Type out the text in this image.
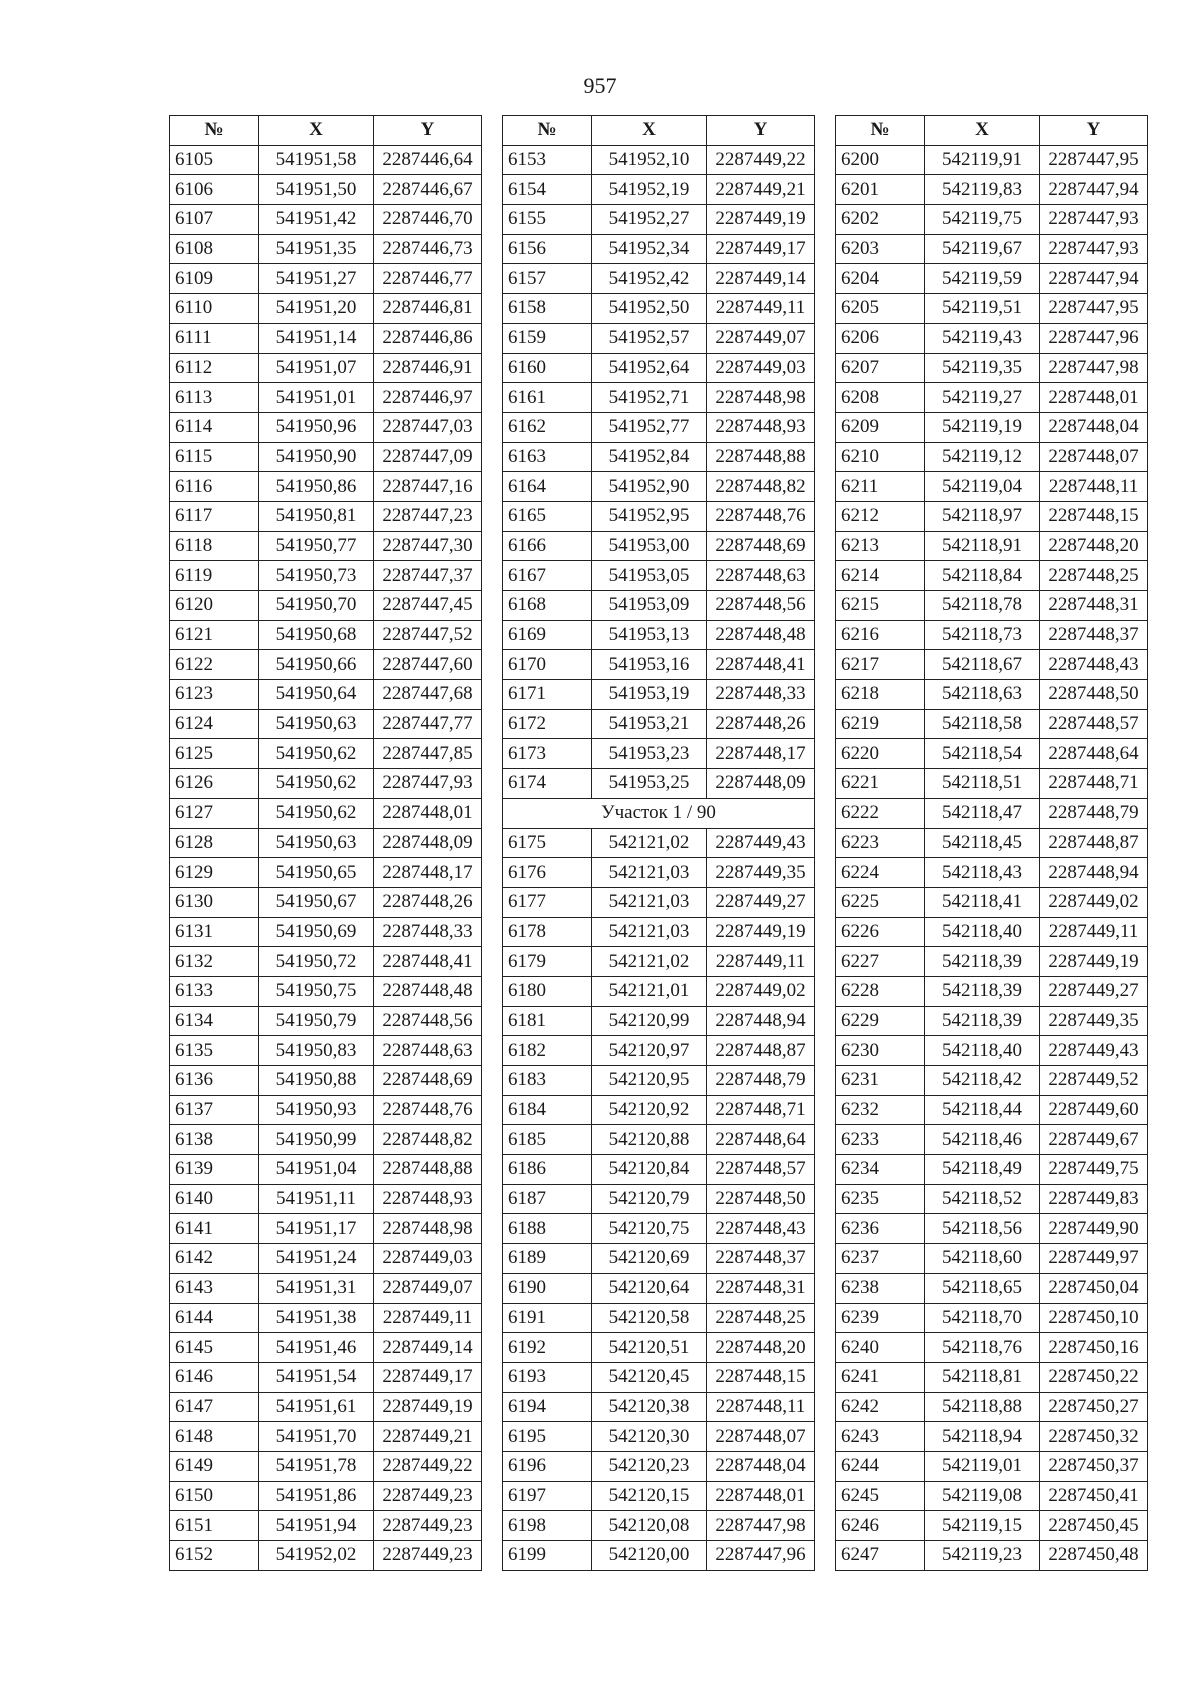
957
№	X	Y
6105	541951,58	2287446,64
6106	541951,50	2287446,67
6107	541951,42	2287446,70
6108	541951,35	2287446,73
6109	541951,27	2287446,77
6110	541951,20	2287446,81
6111	541951,14	2287446,86
6112	541951,07	2287446,91
6113	541951,01	2287446,97
6114	541950,96	2287447,03
6115	541950,90	2287447,09
6116	541950,86	2287447,16
6117	541950,81	2287447,23
6118	541950,77	2287447,30
6119	541950,73	2287447,37
6120	541950,70	2287447,45
6121	541950,68	2287447,52
6122	541950,66	2287447,60
6123	541950,64	2287447,68
6124	541950,63	2287447,77
6125	541950,62	2287447,85
6126	541950,62	2287447,93
6127	541950,62	2287448,01
6128	541950,63	2287448,09
6129	541950,65	2287448,17
6130	541950,67	2287448,26
6131	541950,69	2287448,33
6132	541950,72	2287448,41
6133	541950,75	2287448,48
6134	541950,79	2287448,56
6135	541950,83	2287448,63
6136	541950,88	2287448,69
6137	541950,93	2287448,76
6138	541950,99	2287448,82
6139	541951,04	2287448,88
6140	541951,11	2287448,93
6141	541951,17	2287448,98
6142	541951,24	2287449,03
6143	541951,31	2287449,07
6144	541951,38	2287449,11
6145	541951,46	2287449,14
6146	541951,54	2287449,17
6147	541951,61	2287449,19
6148	541951,70	2287449,21
6149	541951,78	2287449,22
6150	541951,86	2287449,23
6151	541951,94	2287449,23
6152	541952,02	2287449,23
№	X	Y
6153	541952,10	2287449,22
6154	541952,19	2287449,21
6155	541952,27	2287449,19
6156	541952,34	2287449,17
6157	541952,42	2287449,14
6158	541952,50	2287449,11
6159	541952,57	2287449,07
6160	541952,64	2287449,03
6161	541952,71	2287448,98
6162	541952,77	2287448,93
6163	541952,84	2287448,88
6164	541952,90	2287448,82
6165	541952,95	2287448,76
6166	541953,00	2287448,69
6167	541953,05	2287448,63
6168	541953,09	2287448,56
6169	541953,13	2287448,48
6170	541953,16	2287448,41
6171	541953,19	2287448,33
6172	541953,21	2287448,26
6173	541953,23	2287448,17
6174	541953,25	2287448,09
Участок 1 / 90		
6175	542121,02	2287449,43
6176	542121,03	2287449,35
6177	542121,03	2287449,27
6178	542121,03	2287449,19
6179	542121,02	2287449,11
6180	542121,01	2287449,02
6181	542120,99	2287448,94
6182	542120,97	2287448,87
6183	542120,95	2287448,79
6184	542120,92	2287448,71
6185	542120,88	2287448,64
6186	542120,84	2287448,57
6187	542120,79	2287448,50
6188	542120,75	2287448,43
6189	542120,69	2287448,37
6190	542120,64	2287448,31
6191	542120,58	2287448,25
6192	542120,51	2287448,20
6193	542120,45	2287448,15
6194	542120,38	2287448,11
6195	542120,30	2287448,07
6196	542120,23	2287448,04
6197	542120,15	2287448,01
6198	542120,08	2287447,98
6199	542120,00	2287447,96
№	X	Y
6200	542119,91	2287447,95
6201	542119,83	2287447,94
6202	542119,75	2287447,93
6203	542119,67	2287447,93
6204	542119,59	2287447,94
6205	542119,51	2287447,95
6206	542119,43	2287447,96
6207	542119,35	2287447,98
6208	542119,27	2287448,01
6209	542119,19	2287448,04
6210	542119,12	2287448,07
6211	542119,04	2287448,11
6212	542118,97	2287448,15
6213	542118,91	2287448,20
6214	542118,84	2287448,25
6215	542118,78	2287448,31
6216	542118,73	2287448,37
6217	542118,67	2287448,43
6218	542118,63	2287448,50
6219	542118,58	2287448,57
6220	542118,54	2287448,64
6221	542118,51	2287448,71
6222	542118,47	2287448,79
6223	542118,45	2287448,87
6224	542118,43	2287448,94
6225	542118,41	2287449,02
6226	542118,40	2287449,11
6227	542118,39	2287449,19
6228	542118,39	2287449,27
6229	542118,39	2287449,35
6230	542118,40	2287449,43
6231	542118,42	2287449,52
6232	542118,44	2287449,60
6233	542118,46	2287449,67
6234	542118,49	2287449,75
6235	542118,52	2287449,83
6236	542118,56	2287449,90
6237	542118,60	2287449,97
6238	542118,65	2287450,04
6239	542118,70	2287450,10
6240	542118,76	2287450,16
6241	542118,81	2287450,22
6242	542118,88	2287450,27
6243	542118,94	2287450,32
6244	542119,01	2287450,37
6245	542119,08	2287450,41
6246	542119,15	2287450,45
6247	542119,23	2287450,48
